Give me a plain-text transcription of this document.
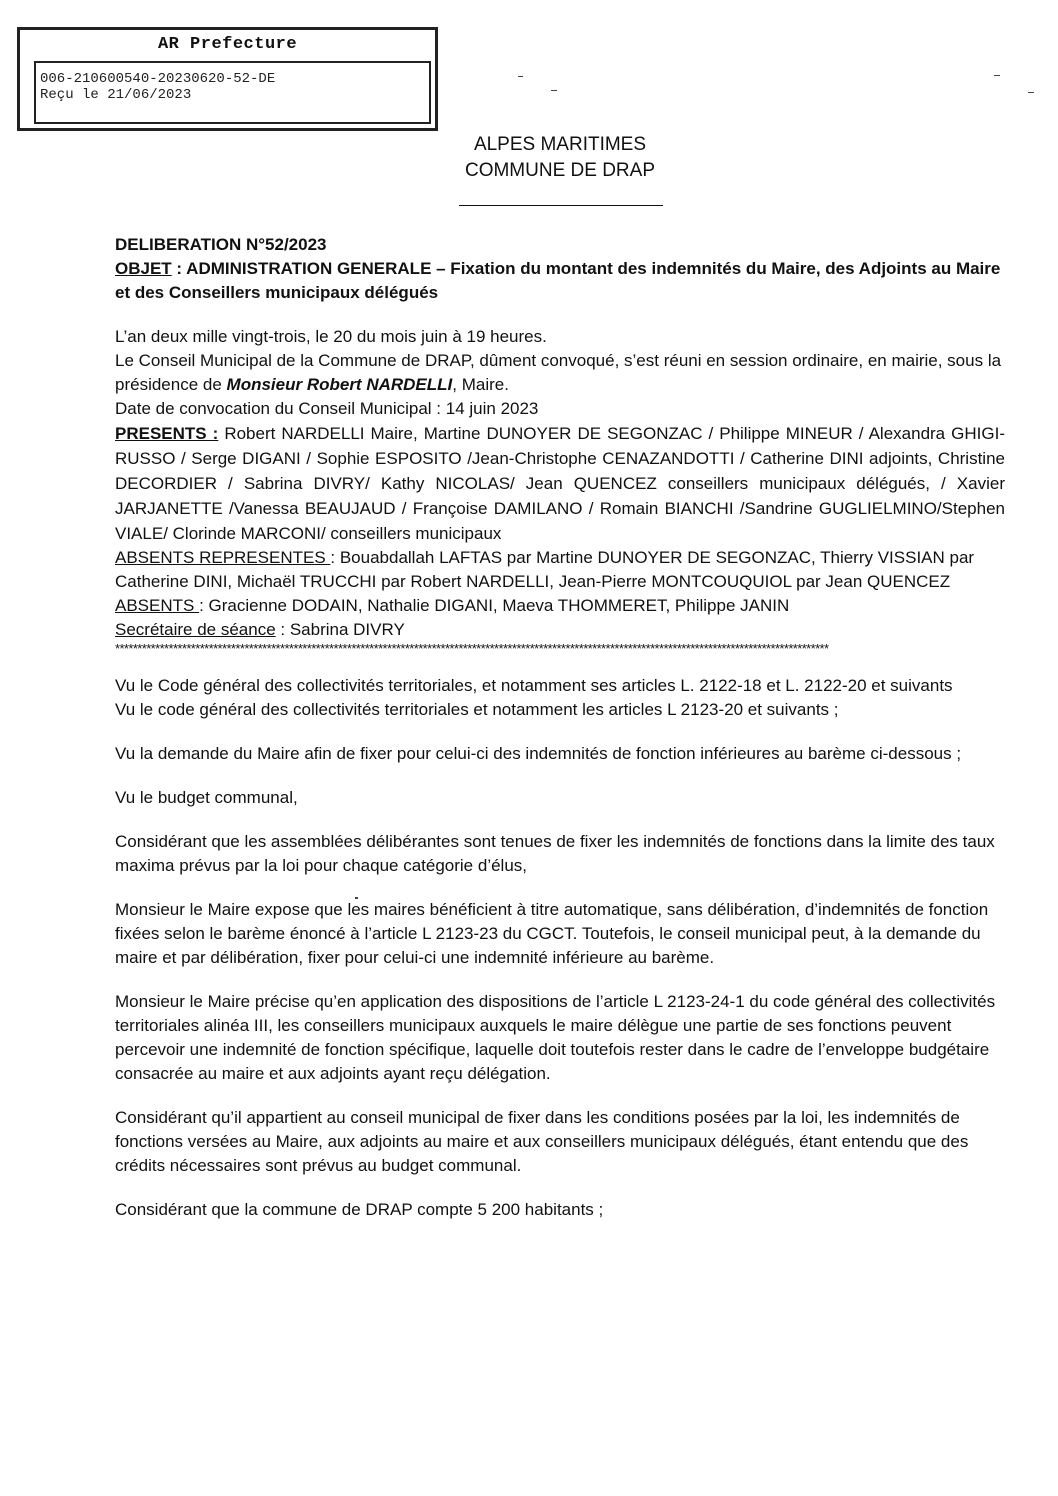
AR Prefecture
006-210600540-20230620-52-DE
Reçu le 21/06/2023
ALPES MARITIMES
COMMUNE DE DRAP

DELIBERATION N°52/2023

OBJET : ADMINISTRATION GENERALE – Fixation du montant des indemnités du Maire, des Adjoints au Maire et des Conseillers municipaux délégués

L’an deux mille vingt-trois, le 20 du mois juin à 19 heures.

Le Conseil Municipal de la Commune de DRAP, dûment convoqué, s’est réuni en session ordinaire, en mairie, sous la présidence de Monsieur Robert NARDELLI, Maire.

Date de convocation du Conseil Municipal : 14 juin 2023

PRESENTS : Robert NARDELLI Maire, Martine DUNOYER DE SEGONZAC / Philippe MINEUR / Alexandra GHIGI-RUSSO / Serge DIGANI / Sophie ESPOSITO /Jean-Christophe CENAZANDOTTI / Catherine DINI adjoints, Christine DECORDIER / Sabrina DIVRY/ Kathy NICOLAS/ Jean QUENCEZ conseillers municipaux délégués, / Xavier JARJANETTE /Vanessa BEAUJAUD / Françoise DAMILANO / Romain BIANCHI /Sandrine GUGLIELMINO/Stephen VIALE/ Clorinde MARCONI/ conseillers municipaux

ABSENTS REPRESENTES : Bouabdallah LAFTAS par Martine DUNOYER DE SEGONZAC, Thierry VISSIAN par Catherine DINI, Michaël TRUCCHI par Robert NARDELLI, Jean-Pierre MONTCOUQUIOL par Jean QUENCEZ

ABSENTS : Gracienne DODAIN, Nathalie DIGANI, Maeva THOMMERET, Philippe JANIN

Secrétaire de séance : Sabrina DIVRY

****************************************************************************************************************************************************************

Vu le Code général des collectivités territoriales, et notamment ses articles L. 2122-18 et L. 2122-20 et suivants

Vu le code général des collectivités territoriales et notamment les articles L 2123-20 et suivants ;

Vu la demande du Maire afin de fixer pour celui-ci des indemnités de fonction inférieures au barème ci-dessous ;

Vu le budget communal,

Considérant que les assemblées délibérantes sont tenues de fixer les indemnités de fonctions dans la limite des taux maxima prévus par la loi pour chaque catégorie d’élus,

Monsieur le Maire expose que les maires bénéficient à titre automatique, sans délibération, d’indemnités de fonction fixées selon le barème énoncé à l’article L 2123-23 du CGCT. Toutefois, le conseil municipal peut, à la demande du maire et par délibération, fixer pour celui-ci une indemnité inférieure au barème.

Monsieur le Maire précise qu’en application des dispositions de l’article L 2123-24-1 du code général des collectivités territoriales alinéa III, les conseillers municipaux auxquels le maire délègue une partie de ses fonctions peuvent percevoir une indemnité de fonction spécifique, laquelle doit toutefois rester dans le cadre de l’enveloppe budgétaire consacrée au maire et aux adjoints ayant reçu délégation.

Considérant qu’il appartient au conseil municipal de fixer dans les conditions posées par la loi, les indemnités de fonctions versées au Maire, aux adjoints au maire et aux conseillers municipaux délégués, étant entendu que des crédits nécessaires sont prévus au budget communal.

Considérant que la commune de DRAP compte 5 200 habitants ;
